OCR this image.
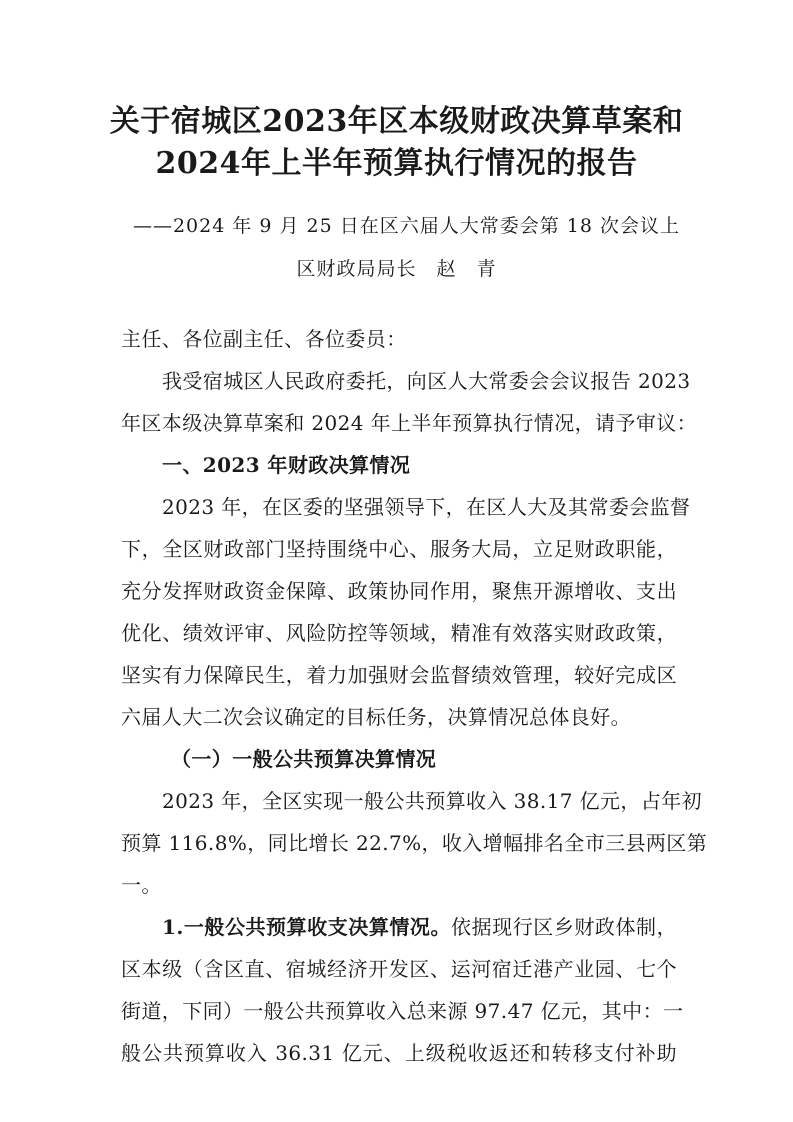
关于宿城区2023年区本级财政决算草案和
2024年上半年预算执行情况的报告
——2024 年 9 月 25 日在区六届人大常委会第 18 次会议上
区财政局局长　赵　青
主任、各位副主任、各位委员：
我受宿城区人民政府委托，向区人大常委会会议报告 2023
年区本级决算草案和 2024 年上半年预算执行情况，请予审议：
一、2023 年财政决算情况
2023 年，在区委的坚强领导下，在区人大及其常委会监督
下，全区财政部门坚持围绕中心、服务大局，立足财政职能，
充分发挥财政资金保障、政策协同作用，聚焦开源增收、支出
优化、绩效评审、风险防控等领域，精准有效落实财政政策，
坚实有力保障民生，着力加强财会监督绩效管理，较好完成区
六届人大二次会议确定的目标任务，决算情况总体良好。
（一）一般公共预算决算情况
2023 年，全区实现一般公共预算收入 38.17 亿元，占年初
预算 116.8%，同比增长 22.7%，收入增幅排名全市三县两区第
一。
1.一般公共预算收支决算情况。依据现行区乡财政体制，
区本级（含区直、宿城经济开发区、运河宿迁港产业园、七个
街道，下同）一般公共预算收入总来源 97.47 亿元，其中：一
般公共预算收入 36.31 亿元、上级税收返还和转移支付补助
